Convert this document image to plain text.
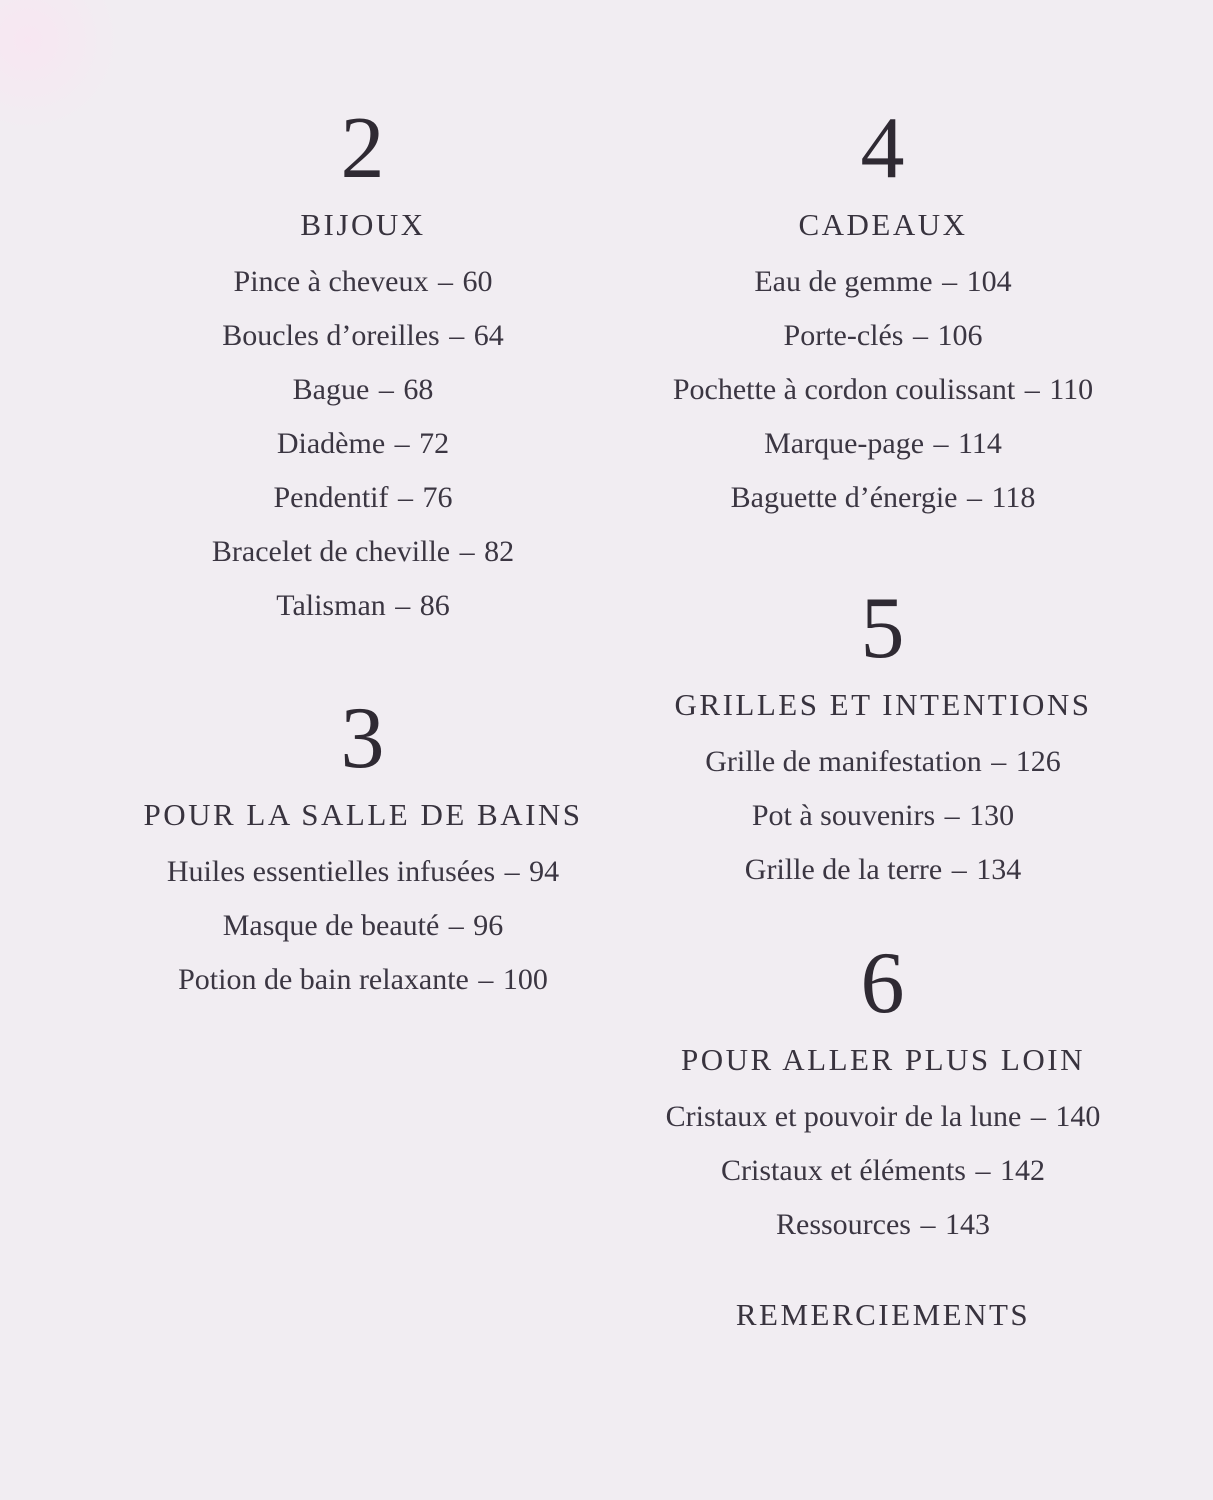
2
BIJOUX
Pince à cheveux – 60
Boucles d’oreilles – 64
Bague – 68
Diadème – 72
Pendentif – 76
Bracelet de cheville – 82
Talisman – 86
3
POUR LA SALLE DE BAINS
Huiles essentielles infusées – 94
Masque de beauté – 96
Potion de bain relaxante – 100
4
CADEAUX
Eau de gemme – 104
Porte-clés – 106
Pochette à cordon coulissant – 110
Marque-page – 114
Baguette d’énergie – 118
5
GRILLES ET INTENTIONS
Grille de manifestation – 126
Pot à souvenirs – 130
Grille de la terre – 134
6
POUR ALLER PLUS LOIN
Cristaux et pouvoir de la lune – 140
Cristaux et éléments – 142
Ressources – 143
REMERCIEMENTS
